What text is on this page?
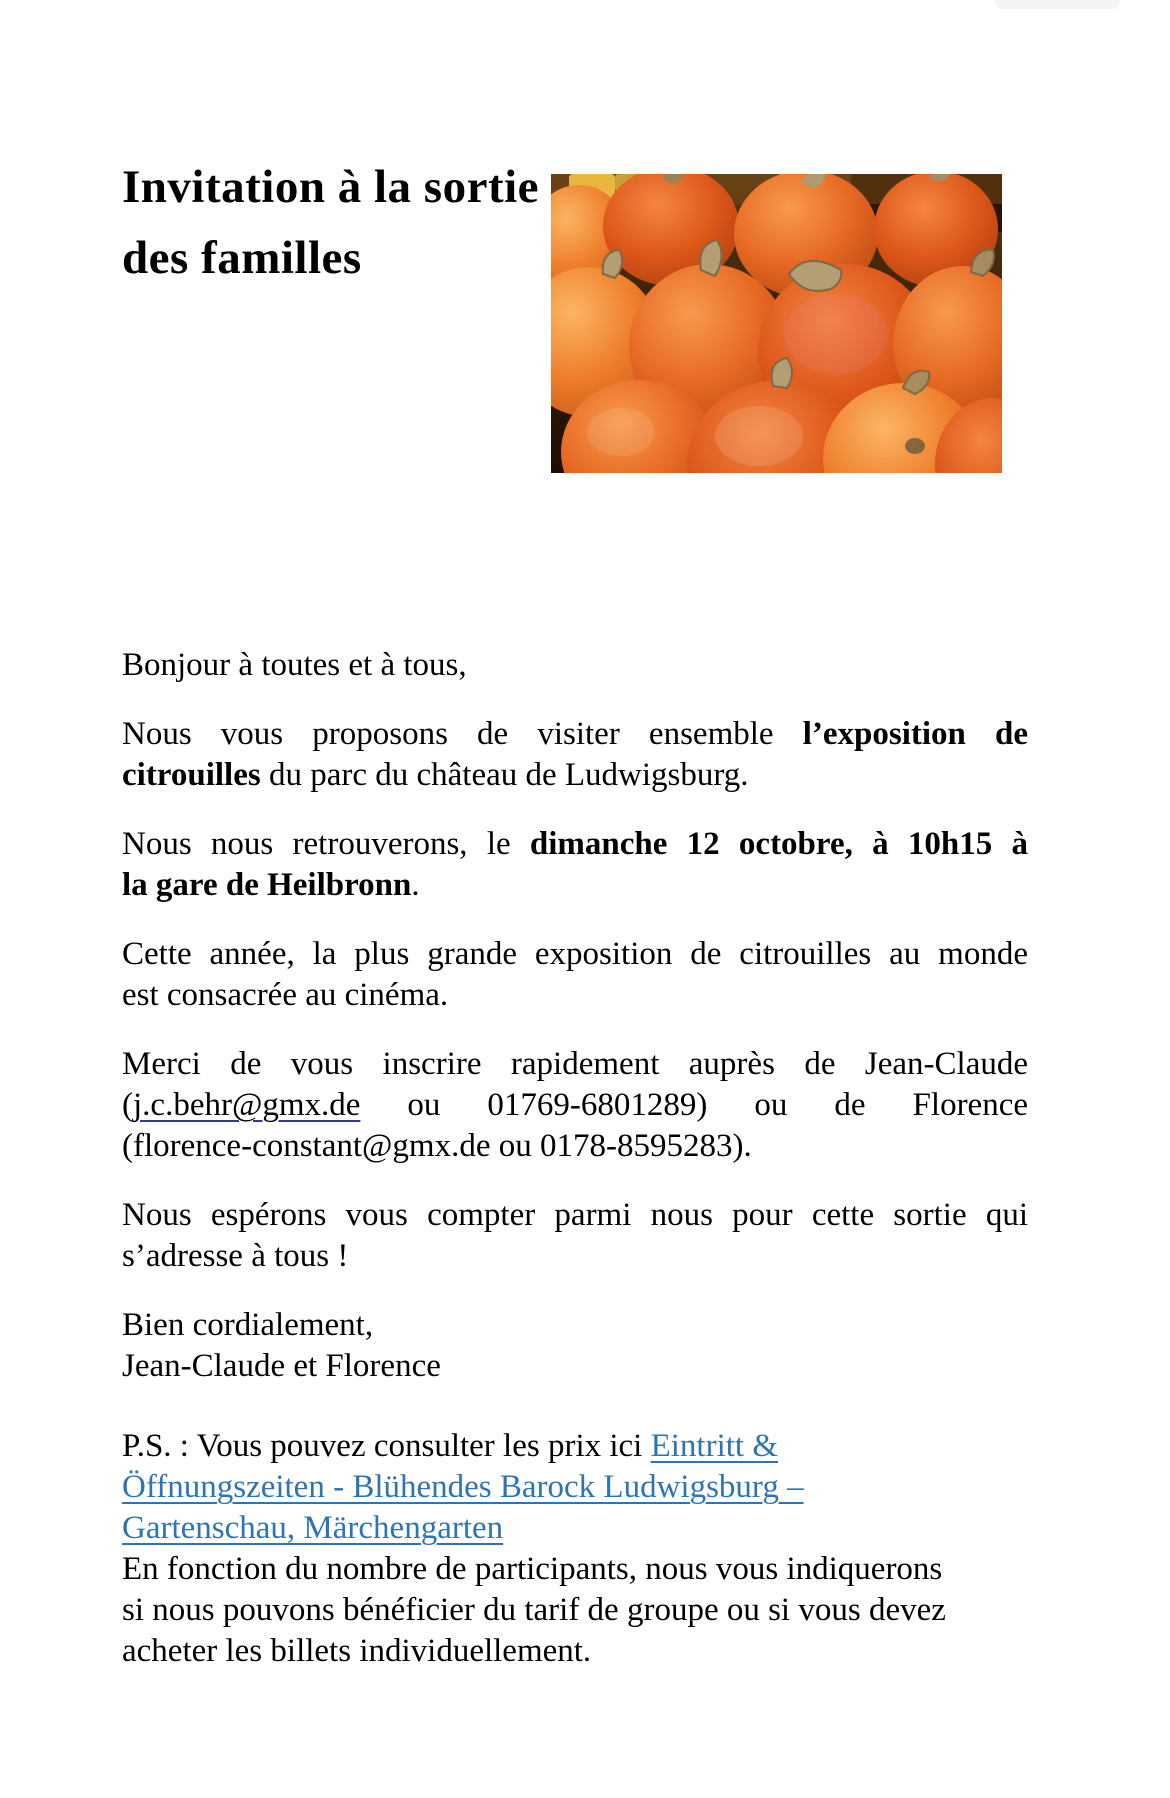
Invitation à la sortie
des familles
Bonjour à toutes et à tous,
Nous vous proposons de visiter ensemble l’exposition de
citrouilles du parc du château de Ludwigsburg.
Nous nous retrouverons, le dimanche 12 octobre, à 10h15 à
la gare de Heilbronn.
Cette année, la plus grande exposition de citrouilles au monde
est consacrée au cinéma.
Merci de vous inscrire rapidement auprès de Jean-Claude
(j.c.behr@gmx.de ou 01769-6801289) ou de Florence
(florence-constant@gmx.de ou 0178-8595283).
Nous espérons vous compter parmi nous pour cette sortie qui
s’adresse à tous !
Bien cordialement,
Jean-Claude et Florence
P.S. : Vous pouvez consulter les prix ici Eintritt &
Öffnungszeiten - Blühendes Barock Ludwigsburg –
Gartenschau, Märchengarten
En fonction du nombre de participants, nous vous indiquerons
si nous pouvons bénéficier du tarif de groupe ou si vous devez
acheter les billets individuellement.
